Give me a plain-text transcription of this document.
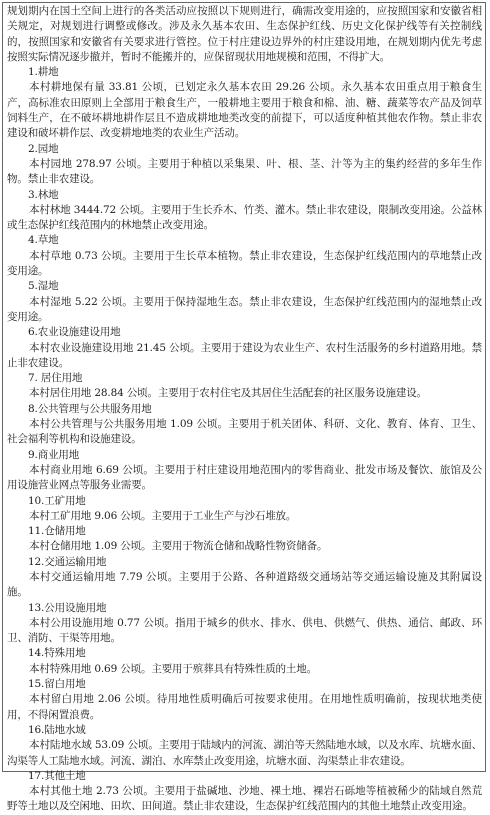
规划期内在国土空间上进行的各类活动应按照以下规则进行，确需改变用途的，应按照国家和安徽省相关规定，对规划进行调整或修改。涉及永久基本农田、生态保护红线、历史文化保护线等有关控制线的，按照国家和安徽省有关要求进行管控。位于村庄建设边界外的村庄建设用地，在规划期内优先考虑按照实际情况逐步撤并，暂时不能搬并的，应保留现状用地规模和范围，不得扩大。

1.耕地

本村耕地保有量 33.81 公顷，已划定永久基本农田 29.26 公顷。永久基本农田重点用于粮食生产，高标准农田原则上全部用于粮食生产，一般耕地主要用于粮食和棉、油、糖、蔬菜等农产品及饲草饲料生产，在不破坏耕地耕作层且不造成耕地地类改变的前提下，可以适度种植其他农作物。禁止非农建设和破坏耕作层、改变耕地地类的农业生产活动。

2.园地

本村园地 278.97 公顷。主要用于种植以采集果、叶、根、茎、汁等为主的集约经营的多年生作物。禁止非农建设。

3.林地

本村林地 3444.72 公顷。主要用于生长乔木、竹类、灌木。禁止非农建设，限制改变用途。公益林或生态保护红线范围内的林地禁止改变用途。

4.草地

本村草地 0.73 公顷。主要用于生长草本植物。禁止非农建设，生态保护红线范围内的草地禁止改变用途。

5.湿地

本村湿地 5.22 公顷。主要用于保持湿地生态。禁止非农建设，生态保护红线范围内的湿地禁止改变用途。

6.农业设施建设用地

本村农业设施建设用地 21.45 公顷。主要用于建设为农业生产、农村生活服务的乡村道路用地。禁止非农建设。

7. 居住用地

本村居住用地 28.84 公顷。主要用于农村住宅及其居住生活配套的社区服务设施建设。

8.公共管理与公共服务用地

本村公共管理与公共服务用地 1.09 公顷。主要用于机关团体、科研、文化、教育、体育、卫生、社会福利等机构和设施建设。

9.商业用地

本村商业用地 6.69 公顷。主要用于村庄建设用地范围内的零售商业、批发市场及餐饮、旅馆及公用设施营业网点等服务业需要。

10.工矿用地

本村工矿用地 9.06 公顷。主要用于工业生产与沙石堆放。

11.仓储用地

本村仓储用地 1.09 公顷。主要用于物流仓储和战略性物资储备。

12.交通运输用地

本村交通运输用地 7.79 公顷。主要用于公路、各种道路级交通场站等交通运输设施及其附属设施。

13.公用设施用地

本村公用设施用地 0.77 公顷。指用于城乡的供水、排水、供电、供燃气、供热、通信、邮政、环卫、消防、干渠等用地。

14.特殊用地

本村特殊用地 0.69 公顷。主要用于殡葬具有特殊性质的土地。

15.留白用地

本村留白用地 2.06 公顷。待用地性质明确后可按要求使用。在用地性质明确前，按现状地类使用，不得闲置浪费。

16.陆地水域

本村陆地水域 53.09 公顷。主要用于陆域内的河流、湖泊等天然陆地水域，以及水库、坑塘水面、沟渠等人工陆地水域。河流、湖泊、水库禁止改变用途，坑塘水面、沟渠禁止非农建设。

17.其他土地

本村其他土地 2.73 公顷。主要用于盐碱地、沙地、裸土地、裸岩石砾地等植被稀少的陆域自然荒野等土地以及空闲地、田坎、田间道。禁止非农建设，生态保护红线范围内的其他土地禁止改变用途。
